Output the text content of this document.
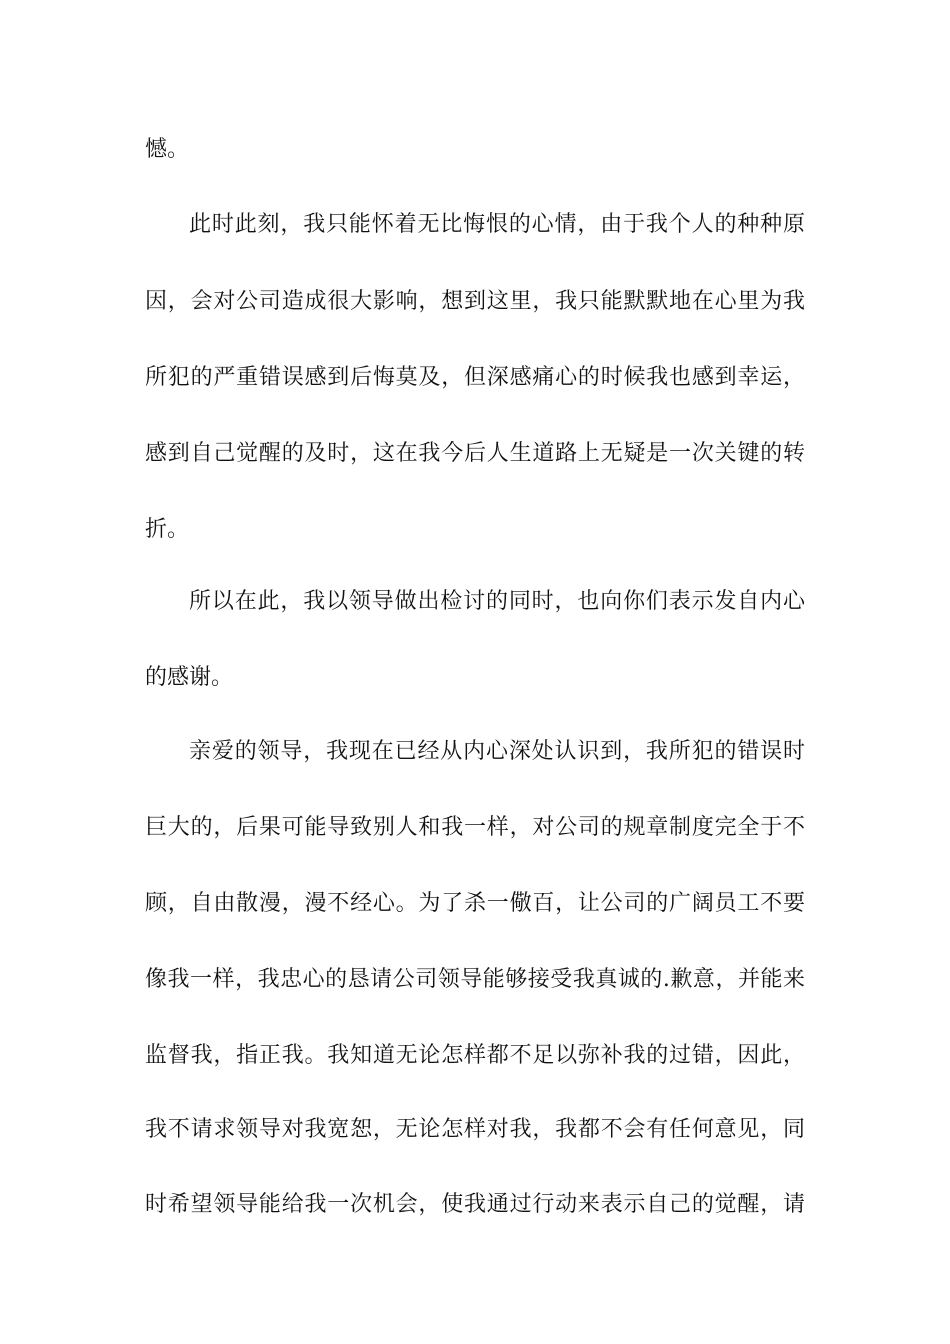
憾。
此时此刻，我只能怀着无比悔恨的心情，由于我个人的种种原
因，会对公司造成很大影响，想到这里，我只能默默地在心里为我
所犯的严重错误感到后悔莫及，但深感痛心的时候我也感到幸运，
感到自己觉醒的及时，这在我今后人生道路上无疑是一次关键的转
折。
所以在此，我以领导做出检讨的同时，也向你们表示发自内心
的感谢。
亲爱的领导，我现在已经从内心深处认识到，我所犯的错误时
巨大的，后果可能导致别人和我一样，对公司的规章制度完全于不
顾，自由散漫，漫不经心。为了杀一儆百，让公司的广阔员工不要
像我一样，我忠心的恳请公司领导能够接受我真诚的.歉意，并能来
监督我，指正我。我知道无论怎样都不足以弥补我的过错，因此，
我不请求领导对我宽恕，无论怎样对我，我都不会有任何意见，同
时希望领导能给我一次机会，使我通过行动来表示自己的觉醒，请
